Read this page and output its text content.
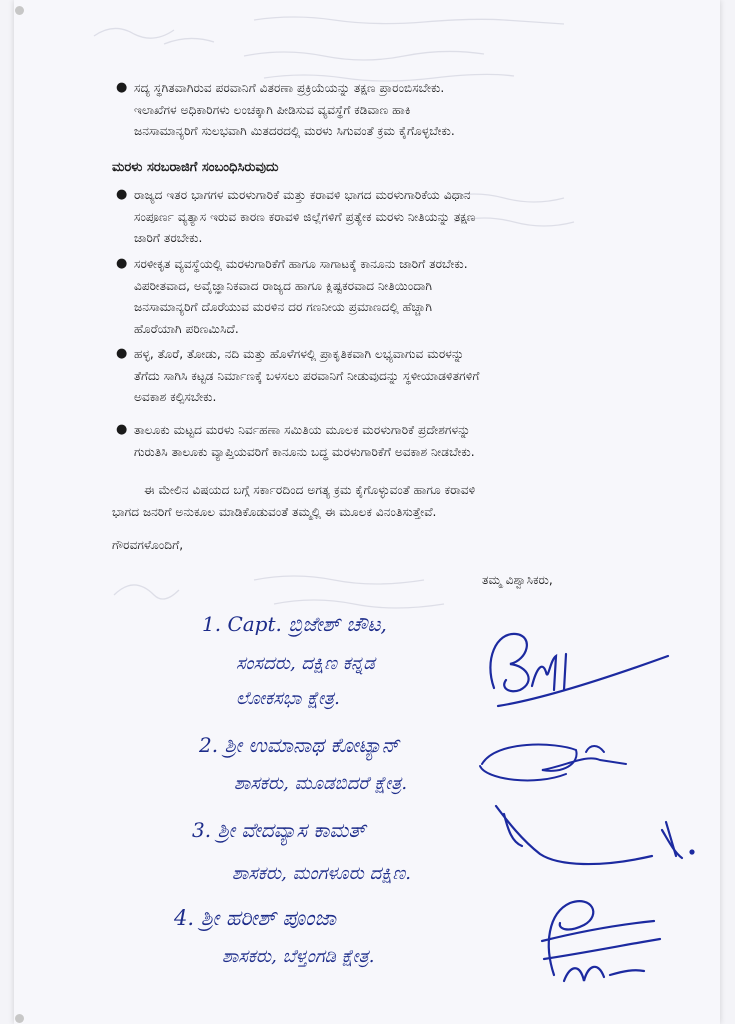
● ಸದ್ಯ ಸ್ಥಗಿತವಾಗಿರುವ ಪರವಾನಿಗೆ ವಿತರಣಾ ಪ್ರಕ್ರಿಯೆಯನ್ನು ತಕ್ಷಣ ಪ್ರಾರಂಬಿಸಬೇಕು.
ಇಲಾಖೆಗಳ ಅಧಿಕಾರಿಗಳು ಲಂಚಕ್ಕಾಗಿ ಪೀಡಿಸುವ ವ್ಯವಸ್ಥೆಗೆ ಕಡಿವಾಣ ಹಾಕಿ
ಜನಸಾಮಾನ್ಯರಿಗೆ ಸುಲಭವಾಗಿ ಮಿತದರದಲ್ಲಿ ಮರಳು ಸಿಗುವಂತೆ ಕ್ರಮ ಕೈಗೊಳ್ಳಬೇಕು.
ಮರಳು ಸರಬರಾಜಿಗೆ ಸಂಬಂಧಿಸಿರುವುದು
● ರಾಜ್ಯದ ಇತರ ಭಾಗಗಳ ಮರಳುಗಾರಿಕೆ ಮತ್ತು ಕರಾವಳಿ ಭಾಗದ ಮರಳುಗಾರಿಕೆಯ ವಿಧಾನ
ಸಂಪೂರ್ಣ ವ್ಯತ್ಯಾಸ ಇರುವ ಕಾರಣ ಕರಾವಳಿ ಜಿಲ್ಲೆಗಳಿಗೆ ಪ್ರತ್ಯೇಕ ಮರಳು ನೀತಿಯನ್ನು ತಕ್ಷಣ
ಜಾರಿಗೆ ತರಬೇಕು.
● ಸರಳೀಕೃತ ವ್ಯವಸ್ಥೆಯಲ್ಲಿ ಮರಳುಗಾರಿಕೆಗೆ ಹಾಗೂ ಸಾಗಾಟಕ್ಕೆ ಕಾನೂನು ಜಾರಿಗೆ ತರಬೇಕು.
ವಿಪರೀತವಾದ, ಅವೈಜ್ಞಾನಿಕವಾದ ರಾಜ್ಯದ ಹಾಗೂ ಕ್ಲಿಷ್ಟಕರವಾದ ನೀತಿಯಿಂದಾಗಿ
ಜನಸಾಮಾನ್ಯರಿಗೆ ದೊರೆಯುವ ಮರಳಿನ ದರ ಗಣನೀಯ ಪ್ರಮಾಣದಲ್ಲಿ ಹೆಚ್ಚಾಗಿ
ಹೊರೆಯಾಗಿ ಪರಿಣಮಿಸಿದೆ.
● ಹಳ್ಳ, ತೊರೆ, ತೋಡು, ನದಿ ಮತ್ತು ಹೊಳೆಗಳಲ್ಲಿ ಪ್ರಾಕೃತಿಕವಾಗಿ ಲಭ್ಯವಾಗುವ ಮರಳನ್ನು
ತೆಗೆದು ಸಾಗಿಸಿ ಕಟ್ಟಡ ನಿರ್ಮಾಣಕ್ಕೆ ಬಳಸಲು ಪರವಾನಿಗೆ ನೀಡುವುದನ್ನು ಸ್ಥಳೀಯಾಡಳಿತಗಳಿಗೆ
ಅವಕಾಶ ಕಲ್ಪಿಸಬೇಕು.
● ತಾಲೂಕು ಮಟ್ಟದ ಮರಳು ನಿರ್ವಹಣಾ ಸಮಿತಿಯ ಮೂಲಕ ಮರಳುಗಾರಿಕೆ ಪ್ರದೇಶಗಳನ್ನು
ಗುರುತಿಸಿ ತಾಲೂಕು ವ್ಯಾಪ್ತಿಯವರಿಗೆ ಕಾನೂನು ಬದ್ಧ ಮರಳುಗಾರಿಕೆಗೆ ಅವಕಾಶ ನೀಡಬೇಕು.
ಈ ಮೇಲಿನ ವಿಷಯದ ಬಗ್ಗೆ ಸರ್ಕಾರದಿಂದ ಅಗತ್ಯ ಕ್ರಮ ಕೈಗೊಳ್ಳುವಂತೆ ಹಾಗೂ ಕರಾವಳಿ
ಭಾಗದ ಜನರಿಗೆ ಅನುಕೂಲ ಮಾಡಿಕೊಡುವಂತೆ ತಮ್ಮಲ್ಲಿ ಈ ಮೂಲಕ ವಿನಂತಿಸುತ್ತೇವೆ.
ಗೌರವಗಳೊಂದಿಗೆ,
ತಮ್ಮ ವಿಶ್ವಾಸಿಕರು,
1. Capt. ಬ್ರಿಜೇಶ್ ಚೌಟ,
ಸಂಸದರು, ದಕ್ಷಿಣ ಕನ್ನಡ
ಲೋಕಸಭಾ ಕ್ಷೇತ್ರ.
2. ಶ್ರೀ ಉಮಾನಾಥ ಕೋಟ್ಯಾನ್
ಶಾಸಕರು, ಮೂಡಬಿದರೆ ಕ್ಷೇತ್ರ.
3. ಶ್ರೀ ವೇದವ್ಯಾಸ ಕಾಮತ್
ಶಾಸಕರು, ಮಂಗಳೂರು ದಕ್ಷಿಣ.
4. ಶ್ರೀ ಹರೀಶ್ ಪೂಂಜಾ
ಶಾಸಕರು, ಬೆಳ್ತಂಗಡಿ ಕ್ಷೇತ್ರ.
